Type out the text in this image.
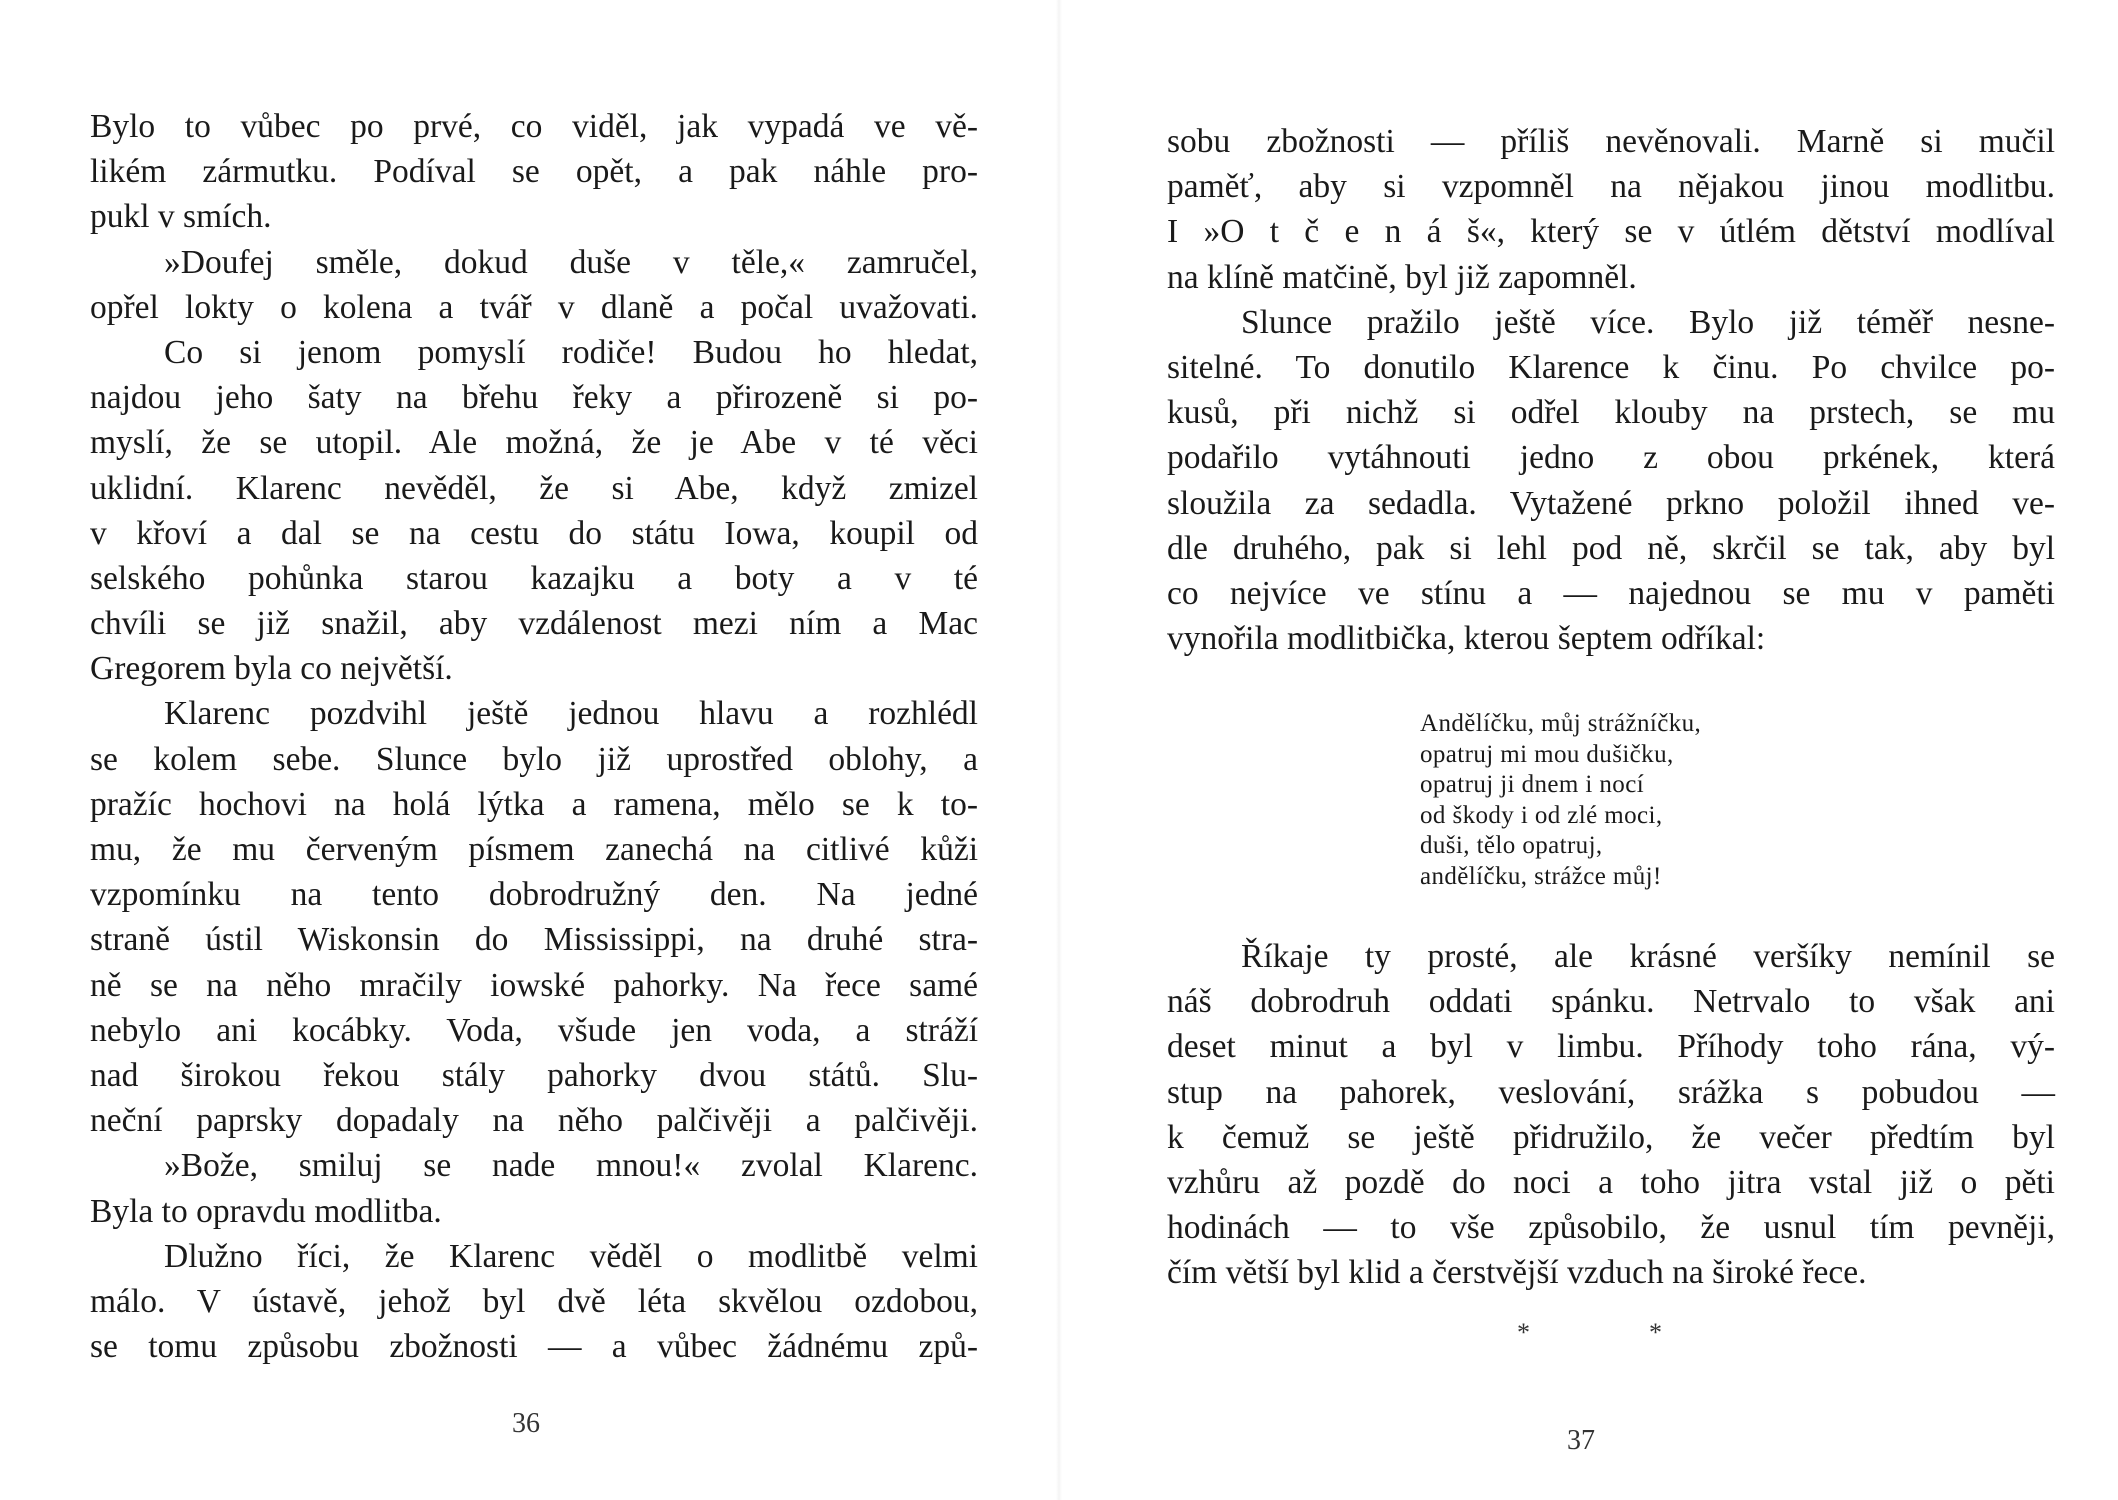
Bylo to vůbec po prvé, co viděl, jak vypadá ve vě-
likém zármutku. Podíval se opět, a pak náhle pro-
pukl v smích.
»Doufej směle, dokud duše v těle,« zamručel,
opřel lokty o kolena a tvář v dlaně a počal uvažovati.
Co si jenom pomyslí rodiče! Budou ho hledat,
najdou jeho šaty na břehu řeky a přirozeně si po-
myslí, že se utopil. Ale možná, že je Abe v té věci
uklidní. Klarenc nevěděl, že si Abe, když zmizel
v křoví a dal se na cestu do státu Iowa, koupil od
selského pohůnka starou kazajku a boty a v té
chvíli se již snažil, aby vzdálenost mezi ním a Mac
Gregorem byla co největší.
Klarenc pozdvihl ještě jednou hlavu a rozhlédl
se kolem sebe. Slunce bylo již uprostřed oblohy, a
pražíc hochovi na holá lýtka a ramena, mělo se k to-
mu, že mu červeným písmem zanechá na citlivé kůži
vzpomínku na tento dobrodružný den. Na jedné
straně ústil Wiskonsin do Mississippi, na druhé stra-
ně se na něho mračily iowské pahorky. Na řece samé
nebylo ani kocábky. Voda, všude jen voda, a stráží
nad širokou řekou stály pahorky dvou států. Slu-
neční paprsky dopadaly na něho palčivěji a palčivěji.
»Bože, smiluj se nade mnou!« zvolal Klarenc.
Byla to opravdu modlitba.
Dlužno říci, že Klarenc věděl o modlitbě velmi
málo. V ústavě, jehož byl dvě léta skvělou ozdobou,
se tomu způsobu zbožnosti — a vůbec žádnému způ-
36
sobu zbožnosti — příliš nevěnovali. Marně si mučil
paměť, aby si vzpomněl na nějakou jinou modlitbu.
I »O t č e n á š«, který se v útlém dětství modlíval
na klíně matčině, byl již zapomněl.
Slunce pražilo ještě více. Bylo již téměř nesne-
sitelné. To donutilo Klarence k činu. Po chvilce po-
kusů, při nichž si odřel klouby na prstech, se mu
podařilo vytáhnouti jedno z obou prkének, která
sloužila za sedadla. Vytažené prkno položil ihned ve-
dle druhého, pak si lehl pod ně, skrčil se tak, aby byl
co nejvíce ve stínu a — najednou se mu v paměti
vynořila modlitbička, kterou šeptem odříkal:
Andělíčku, můj strážníčku,
opatruj mi mou dušičku,
opatruj ji dnem i nocí
od škody i od zlé moci,
duši, tělo opatruj,
andělíčku, strážce můj!
Říkaje ty prosté, ale krásné veršíky nemínil se
náš dobrodruh oddati spánku. Netrvalo to však ani
deset minut a byl v limbu. Příhody toho rána, vý-
stup na pahorek, veslování, srážka s pobudou —
k čemuž se ještě přidružilo, že večer předtím byl
vzhůru až pozdě do noci a toho jitra vstal již o pěti
hodinách — to vše způsobilo, že usnul tím pevněji,
čím větší byl klid a čerstvější vzduch na široké řece.
*	*
37
